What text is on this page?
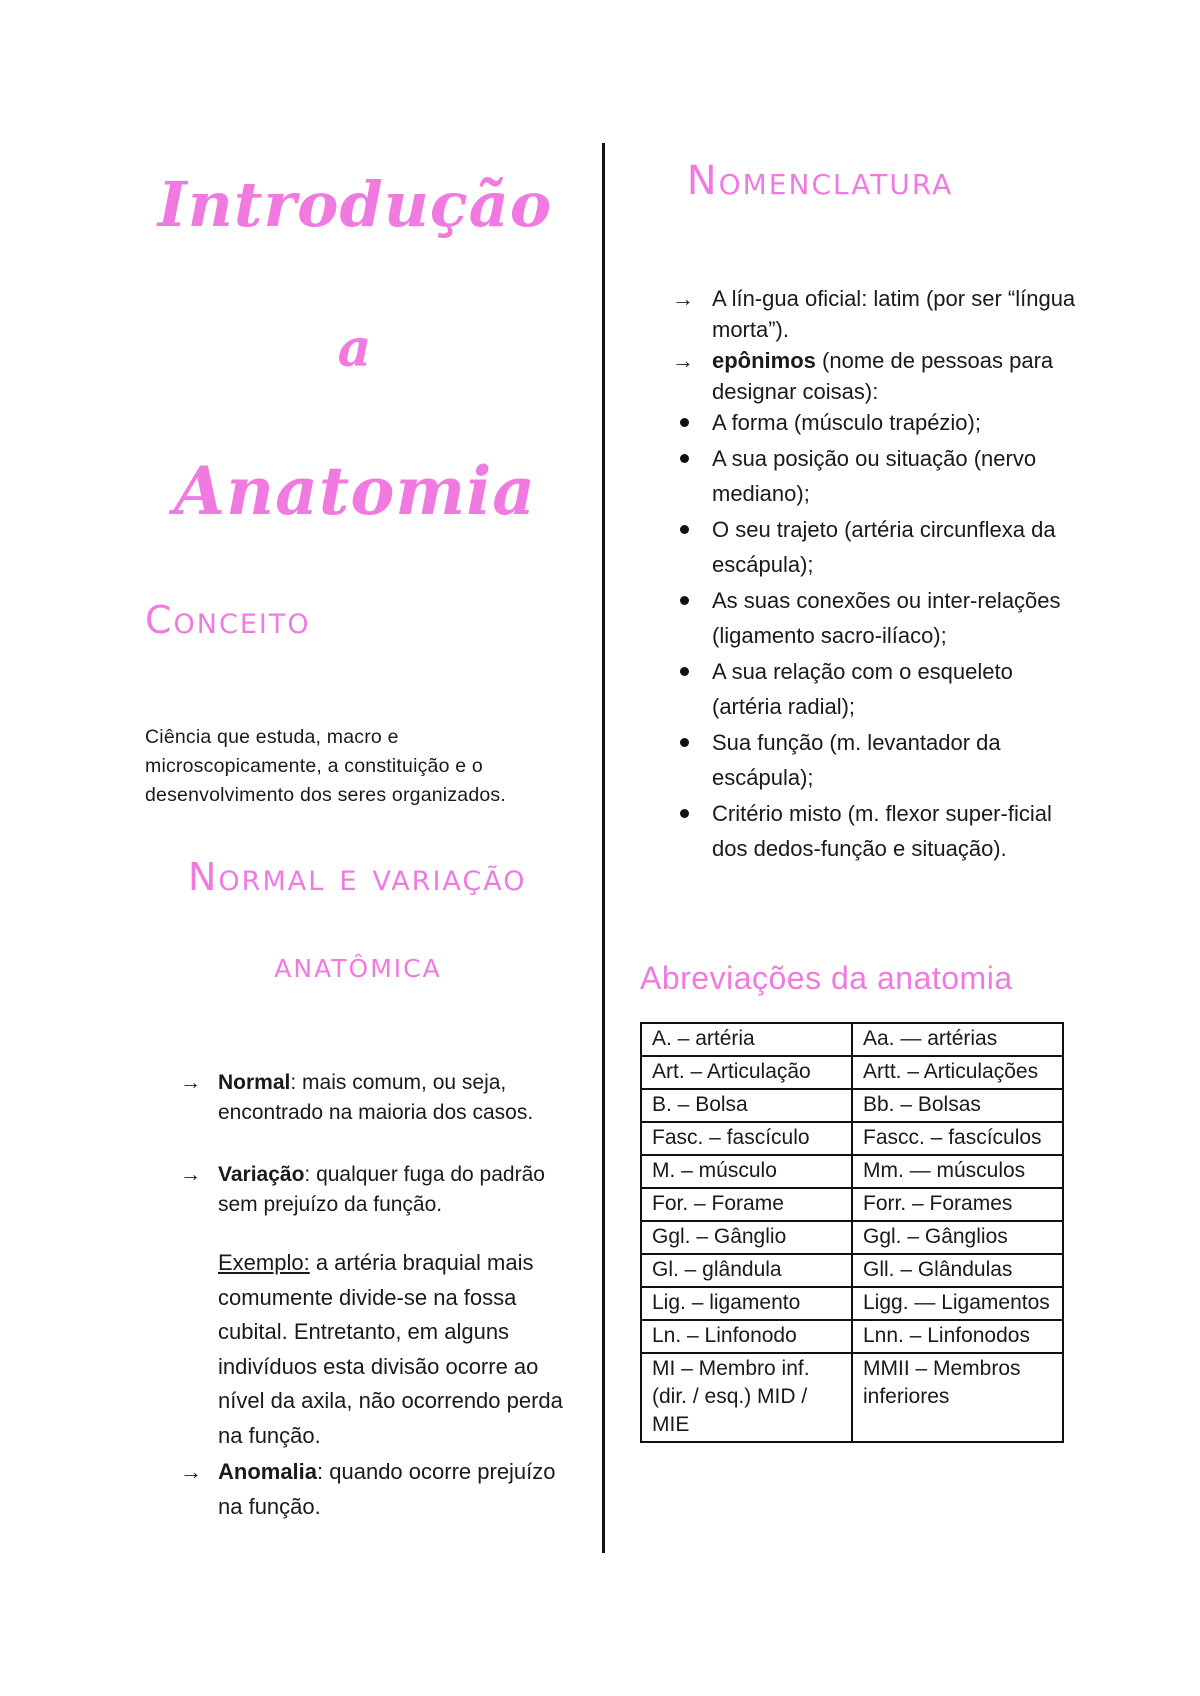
Introdução
a
Anatomia
Conceito
Ciência que estuda, macro e microscopicamente, a constituição e o desenvolvimento dos seres organizados.
Normal e variação
anatômica
→ Normal: mais comum, ou seja, encontrado na maioria dos casos.
→ Variação: qualquer fuga do padrão sem prejuízo da função.
Exemplo: a artéria braquial mais comumente divide-se na fossa cubital. Entretanto, em alguns indivíduos esta divisão ocorre ao nível da axila, não ocorrendo perda na função.
→ Anomalia: quando ocorre prejuízo na função.
Nomenclatura
→ A lín-gua oficial: latim (por ser “língua morta”).
→ epônimos (nome de pessoas para designar coisas):
A forma (músculo trapézio);
A sua posição ou situação (nervo mediano);
O seu trajeto (artéria circunflexa da escápula);
As suas conexões ou inter-relações (ligamento sacro-ilíaco);
A sua relação com o esqueleto (artéria radial);
Sua função (m. levantador da escápula);
Critério misto (m. flexor super-ficial dos dedos-função e situação).
Abreviações da anatomia
A. – artéria	Aa. — artérias
Art. – Articulação	Artt. – Articulações
B. – Bolsa	Bb. – Bolsas
Fasc. – fascículo	Fascc. – fascículos
M. – músculo	Mm. — músculos
For. – Forame	Forr. – Forames
Ggl. – Gânglio	Ggl. – Gânglios
Gl. – glândula	Gll. – Glândulas
Lig. – ligamento	Ligg. — Ligamentos
Ln. – Linfonodo	Lnn. – Linfonodos
MI – Membro inf. (dir. / esq.) MID / MIE	MMII – Membros inferiores
